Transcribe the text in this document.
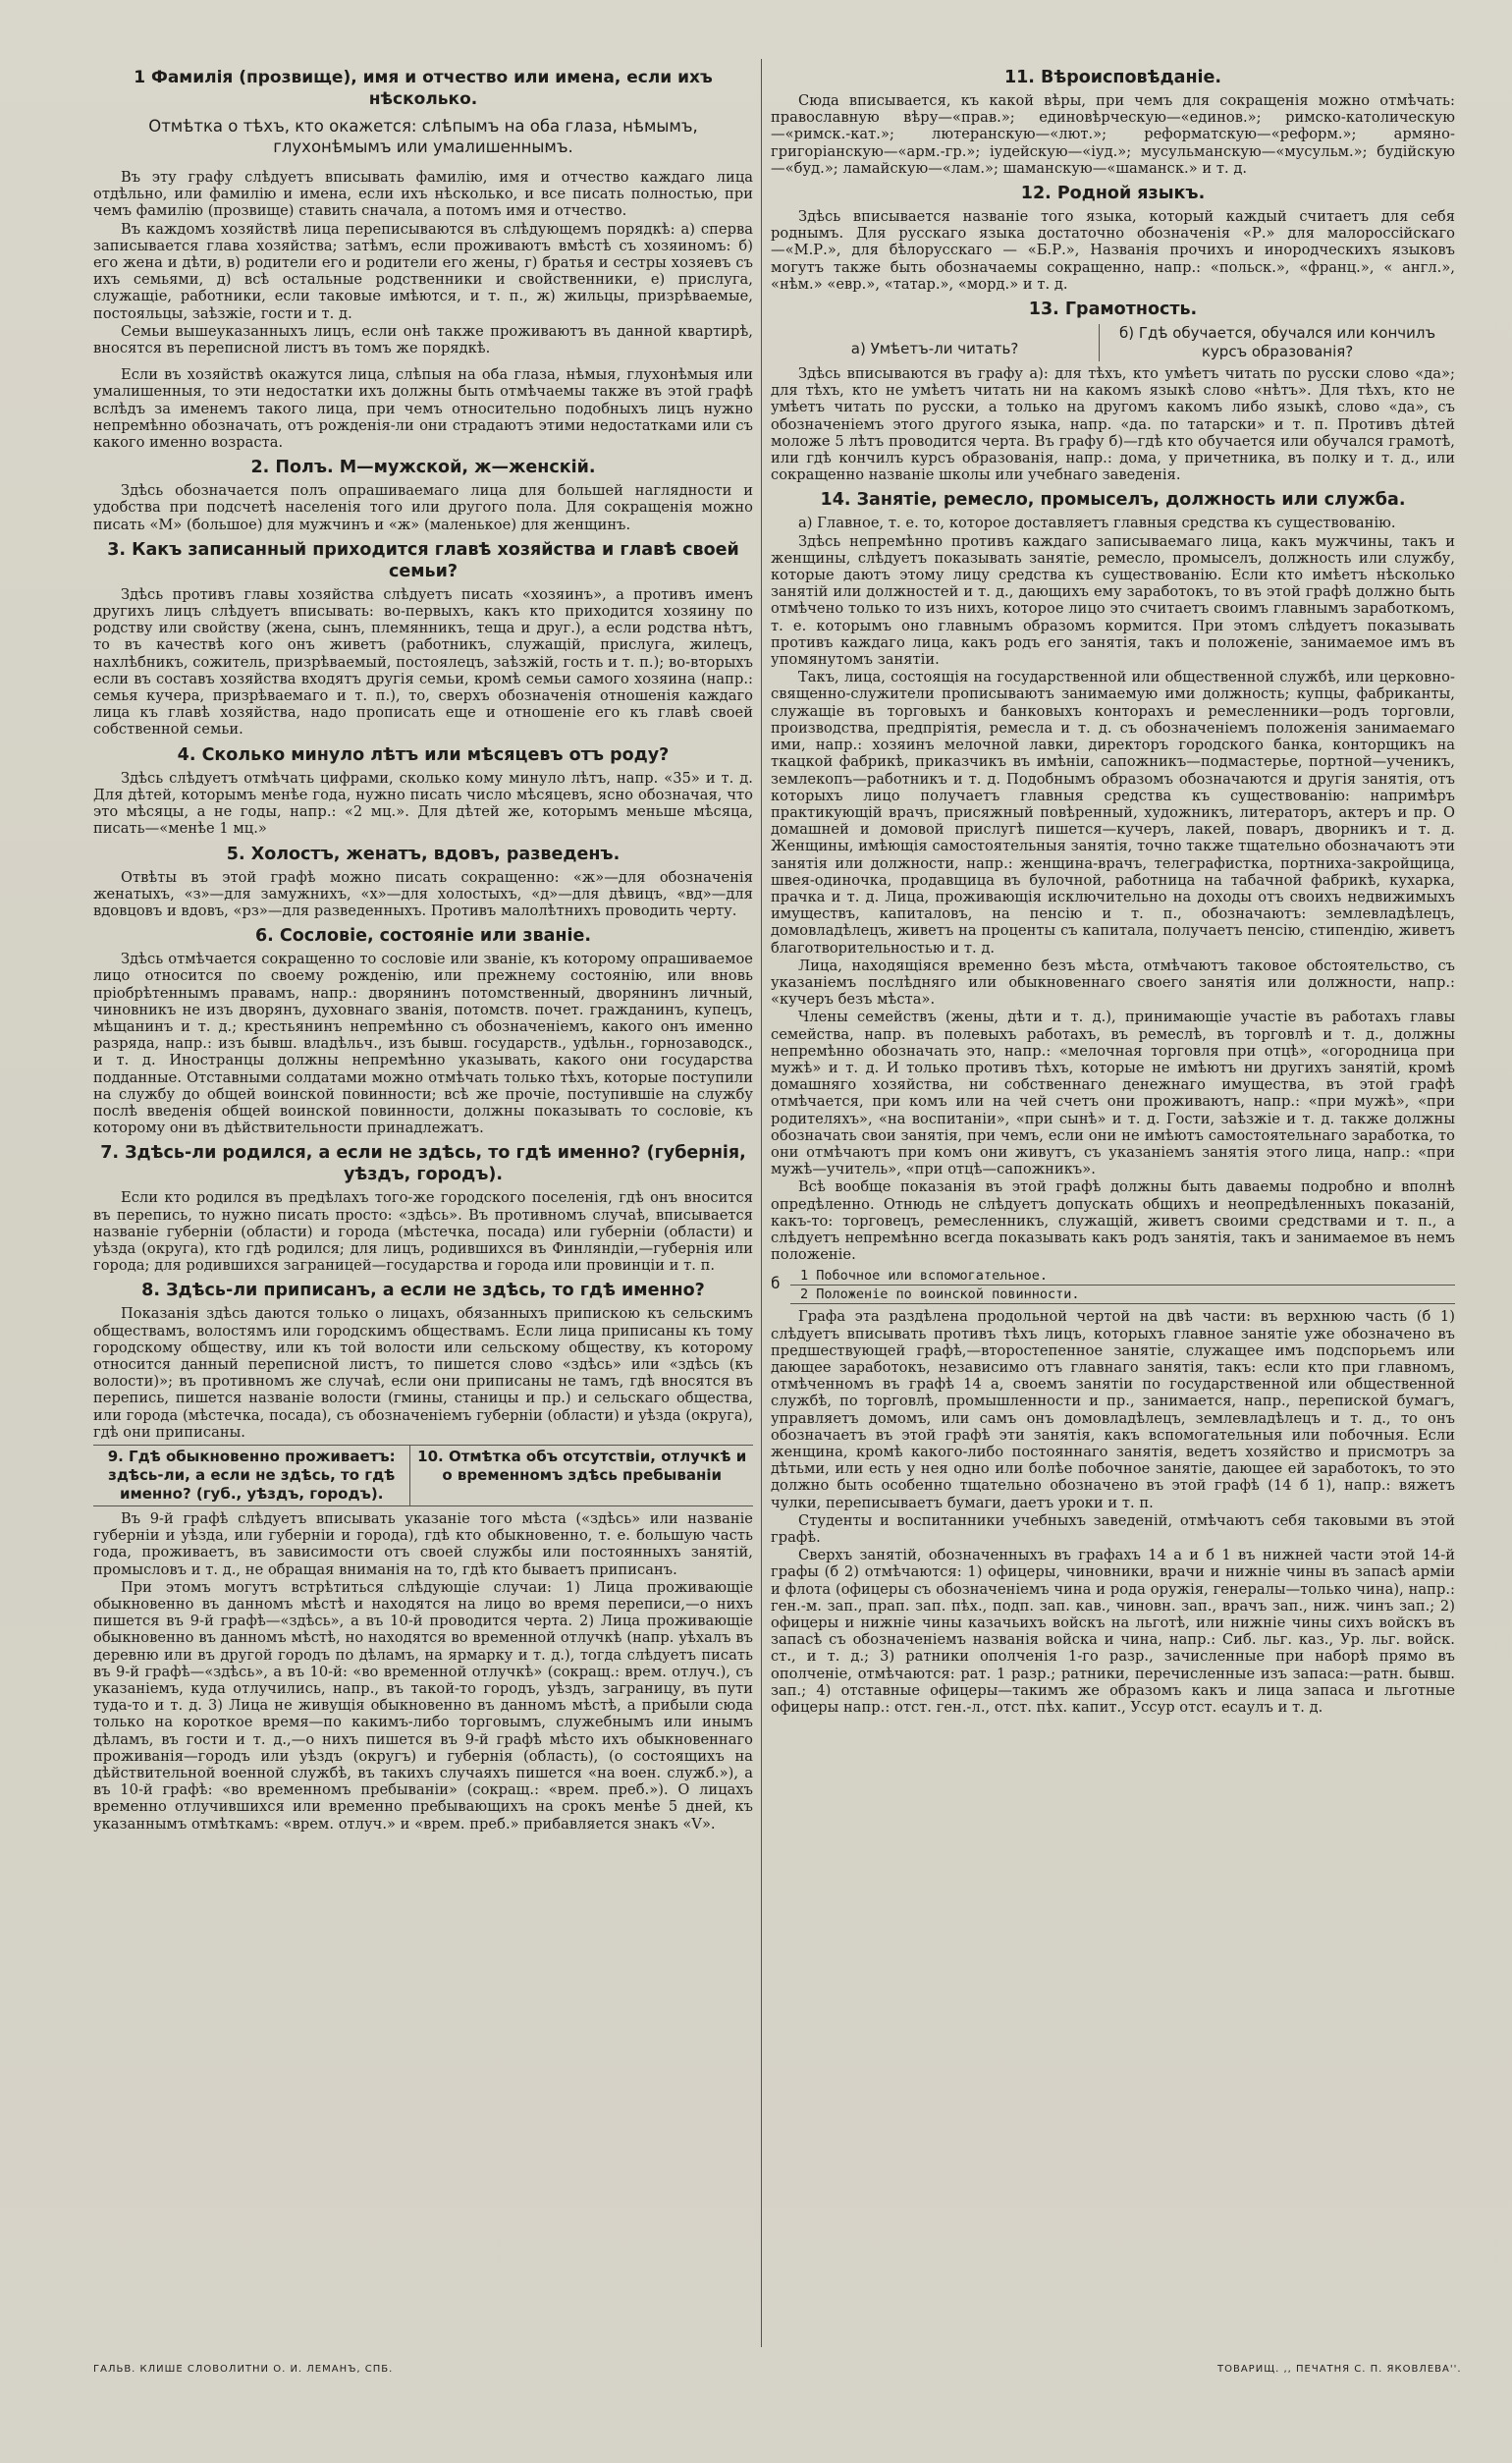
1 Фамилія (прозвище), имя и отчество или имена, если ихъ нѣсколько.
Отмѣтка о тѣхъ, кто окажется: слѣпымъ на оба глаза, нѣмымъ, глухонѣмымъ или умалишеннымъ.

Въ эту графу слѣдуетъ вписывать фамилію, имя и отчество каждаго лица отдѣльно, или фамилію и имена, если ихъ нѣсколько, и все писать полностью, при чемъ фамилію (прозвище) ставить сначала, а потомъ имя и отчество.

Въ каждомъ хозяйствѣ лица переписываются въ слѣдующемъ порядкѣ: а) сперва записывается глава хозяйства; затѣмъ, если проживаютъ вмѣстѣ съ хозяиномъ: б) его жена и дѣти, в) родители его и родители его жены, г) братья и сестры хозяевъ съ ихъ семьями, д) всѣ остальные родственники и свойственники, е) прислуга, служащіе, работники, если таковые имѣются, и т. п., ж) жильцы, призрѣваемые, постояльцы, заѣзжіе, гости и т. д.

Семьи вышеуказанныхъ лицъ, если онѣ также проживаютъ въ данной квартирѣ, вносятся въ переписной листъ въ томъ же порядкѣ.

Если въ хозяйствѣ окажутся лица, слѣпыя на оба глаза, нѣмыя, глухонѣмыя или умалишенныя, то эти недостатки ихъ должны быть отмѣчаемы также въ этой графѣ вслѣдъ за именемъ такого лица, при чемъ относительно подобныхъ лицъ нужно непремѣнно обозначать, отъ рожденія-ли они страдаютъ этими недостатками или съ какого именно возраста.

2. Полъ. М—мужской, ж—женскій.

Здѣсь обозначается полъ опрашиваемаго лица для большей наглядности и удобства при подсчетѣ населенія того или другого пола. Для сокращенія можно писать «М» (большое) для мужчинъ и «ж» (маленькое) для женщинъ.

3. Какъ записанный приходится главѣ хозяйства и главѣ своей семьи?

Здѣсь противъ главы хозяйства слѣдуетъ писать «хозяинъ», а противъ именъ другихъ лицъ слѣдуетъ вписывать: во-первыхъ, какъ кто приходится хозяину по родству или свойству (жена, сынъ, племянникъ, теща и друг.), а если родства нѣтъ, то въ качествѣ кого онъ живетъ (работникъ, служащій, прислуга, жилецъ, нахлѣбникъ, сожитель, призрѣваемый, постоялецъ, заѣзжій, гость и т. п.); во-вторыхъ если въ составъ хозяйства входятъ другія семьи, кромѣ семьи самого хозяина (напр.: семья кучера, призрѣваемаго и т. п.), то, сверхъ обозначенія отношенія каждаго лица къ главѣ хозяйства, надо прописать еще и отношеніе его къ главѣ своей собственной семьи.

4. Сколько минуло лѣтъ или мѣсяцевъ отъ роду?

Здѣсь слѣдуетъ отмѣчать цифрами, сколько кому минуло лѣтъ, напр. «35» и т. д. Для дѣтей, которымъ менѣе года, нужно писать число мѣсяцевъ, ясно обозначая, что это мѣсяцы, а не годы, напр.: «2 мц.». Для дѣтей же, которымъ меньше мѣсяца, писать—«менѣе 1 мц.»

5. Холостъ, женатъ, вдовъ, разведенъ.

Отвѣты въ этой графѣ можно писать сокращенно: «ж»—для обозначенія женатыхъ, «з»—для замужнихъ, «х»—для холостыхъ, «д»—для дѣвицъ, «вд»—для вдовцовъ и вдовъ, «рз»—для разведенныхъ. Противъ малолѣтнихъ проводить черту.

6. Сословіе, состояніе или званіе.

Здѣсь отмѣчается сокращенно то сословіе или званіе, къ которому опрашиваемое лицо относится по своему рожденію, или прежнему состоянію, или вновь пріобрѣтеннымъ правамъ, напр.: дворянинъ потомственный, дворянинъ личный, чиновникъ не изъ дворянъ, духовнаго званія, потомств. почет. гражданинъ, купецъ, мѣщанинъ и т. д.; крестьянинъ непремѣнно съ обозначеніемъ, какого онъ именно разряда, напр.: изъ бывш. владѣльч., изъ бывш. государств., удѣльн., горнозаводск., и т. д. Иностранцы должны непремѣнно указывать, какого они государства подданные. Отставными солдатами можно отмѣчать только тѣхъ, которые поступили на службу до общей воинской повинности; всѣ же прочіе, поступившіе на службу послѣ введенія общей воинской повинности, должны показывать то сословіе, къ которому они въ дѣйствительности принадлежатъ.

7. Здѣсь-ли родился, а если не здѣсь, то гдѣ именно? (губернія, уѣздъ, городъ).

Если кто родился въ предѣлахъ того-же городского поселенія, гдѣ онъ вносится въ перепись, то нужно писать просто: «здѣсь». Въ противномъ случаѣ, вписывается названіе губерніи (области) и города (мѣстечка, посада) или губерніи (области) и уѣзда (округа), кто гдѣ родился; для лицъ, родившихся въ Финляндіи,—губернія или города; для родившихся заграницей—государства и города или провинціи и т. п.

8. Здѣсь-ли приписанъ, а если не здѣсь, то гдѣ именно?

Показанія здѣсь даются только о лицахъ, обязанныхъ припискою къ сельскимъ обществамъ, волостямъ или городскимъ обществамъ. Если лица приписаны къ тому городскому обществу, или къ той волости или сельскому обществу, къ которому относится данный переписной листъ, то пишется слово «здѣсь» или «здѣсь (къ волости)»; въ противномъ же случаѣ, если они приписаны не тамъ, гдѣ вносятся въ перепись, пишется названіе волости (гмины, станицы и пр.) и сельскаго общества, или города (мѣстечка, посада), съ обозначеніемъ губерніи (области) и уѣзда (округа), гдѣ они приписаны.

9. Гдѣ обыкновенно проживаетъ: здѣсь-ли, а если не здѣсь, то гдѣ именно? (губ., уѣздъ, городъ).
10. Отмѣтка объ отсутствіи, отлучкѣ и о временномъ здѣсь пребываніи

Въ 9-й графѣ слѣдуетъ вписывать указаніе того мѣста («здѣсь» или названіе губерніи и уѣзда, или губерніи и города), гдѣ кто обыкновенно, т. е. большую часть года, проживаетъ, въ зависимости отъ своей службы или постоянныхъ занятій, промысловъ и т. д., не обращая вниманія на то, гдѣ кто бываетъ приписанъ.

При этомъ могутъ встрѣтиться слѣдующіе случаи: 1) Лица проживающіе обыкновенно въ данномъ мѣстѣ и находятся на лицо во время переписи,—о нихъ пишется въ 9-й графѣ—«здѣсь», а въ 10-й проводится черта. 2) Лица проживающіе обыкновенно въ данномъ мѣстѣ, но находятся во временной отлучкѣ (напр. уѣхалъ въ деревню или въ другой городъ по дѣламъ, на ярмарку и т. д.), тогда слѣдуетъ писать въ 9-й графѣ—«здѣсь», а въ 10-й: «во временной отлучкѣ» (сокращ.: врем. отлуч.), съ указаніемъ, куда отлучились, напр., въ такой-то городъ, уѣздъ, заграницу, въ пути туда-то и т. д. 3) Лица не живущія обыкновенно въ данномъ мѣстѣ, а прибыли сюда только на короткое время—по какимъ-либо торговымъ, служебнымъ или инымъ дѣламъ, въ гости и т. д.,—о нихъ пишется въ 9-й графѣ мѣсто ихъ обыкновеннаго проживанія—городъ или уѣздъ (округъ) и губернія (область), (о состоящихъ на дѣйствительной военной службѣ, въ такихъ случаяхъ пишется «на воен. служб.»), а въ 10-й графѣ: «во временномъ пребываніи» (сокращ.: «врем. преб.»). О лицахъ временно отлучившихся или временно пребывающихъ на срокъ менѣе 5 дней, къ указаннымъ отмѣткамъ: «врем. отлуч.» и «врем. преб.» прибавляется знакъ «V».

11. Вѣроисповѣданіе.

Сюда вписывается, къ какой вѣры, при чемъ для сокращенія можно отмѣчать: православную вѣру—«прав.»; единовѣрческую—«единов.»; римско-католическую—«римск.-кат.»; лютеранскую—«лют.»; реформатскую—«реформ.»; армяно-григоріанскую—«арм.-гр.»; іудейскую—«іуд.»; мусульманскую—«мусульм.»; будійскую—«буд.»; ламайскую—«лам.»; шаманскую—«шаманск.» и т. д.

12. Родной языкъ.

Здѣсь вписывается названіе того языка, который каждый считаетъ для себя роднымъ. Для русскаго языка достаточно обозначенія «Р.» для малороссійскаго—«М.Р.», для бѣлорусскаго — «Б.Р.», Названія прочихъ и инородческихъ языковъ могутъ также быть обозначаемы сокращенно, напр.: «польск.», «франц.», « англ.», «нѣм.» «евр.», «татар.», «морд.» и т. д.

13. Грамотность.
а) Умѣетъ-ли читать?
б) Гдѣ обучается, обучался или кончилъ курсъ образованія?

Здѣсь вписываются въ графу а): для тѣхъ, кто умѣетъ читать по русски слово «да»; для тѣхъ, кто не умѣетъ читать ни на какомъ языкѣ слово «нѣтъ». Для тѣхъ, кто не умѣетъ читать по русски, а только на другомъ какомъ либо языкѣ, слово «да», съ обозначеніемъ этого другого языка, напр. «да. по татарски» и т. п. Противъ дѣтей моложе 5 лѣтъ проводится черта. Въ графу б)—гдѣ кто обучается или обучался грамотѣ, или гдѣ кончилъ курсъ образованія, напр.: дома, у причетника, въ полку и т. д., или сокращенно названіе школы или учебнаго заведенія.

14. Занятіе, ремесло, промыселъ, должность или служба.

а) Главное, т. е. то, которое доставляетъ главныя средства къ существованію.

Здѣсь непремѣнно противъ каждаго записываемаго лица, какъ мужчины, такъ и женщины, слѣдуетъ показывать занятіе, ремесло, промыселъ, должность или службу, которые даютъ этому лицу средства къ существованію. Если кто имѣетъ нѣсколько занятій или должностей и т. д., дающихъ ему заработокъ, то въ этой графѣ должно быть отмѣчено только то изъ нихъ, которое лицо это считаетъ своимъ главнымъ заработкомъ, т. е. которымъ оно главнымъ образомъ кормится. При этомъ слѣдуетъ показывать противъ каждаго лица, какъ родъ его занятія, такъ и положеніе, занимаемое имъ въ упомянутомъ занятіи.

Такъ, лица, состоящія на государственной или общественной службѣ, или церковно-священно-служители прописываютъ занимаемую ими должность; купцы, фабриканты, служащіе въ торговыхъ и банковыхъ конторахъ и ремесленники—родъ торговли, производства, предпріятія, ремесла и т. д. съ обозначеніемъ положенія занимаемаго ими, напр.: хозяинъ мелочной лавки, директоръ городского банка, конторщикъ на ткацкой фабрикѣ, приказчикъ въ имѣніи, сапожникъ—подмастерье, портной—ученикъ, землекопъ—работникъ и т. д. Подобнымъ образомъ обозначаются и другія занятія, отъ которыхъ лицо получаетъ главныя средства къ существованію: напримѣръ практикующій врачъ, присяжный повѣренный, художникъ, литераторъ, актеръ и пр. О домашней и домовой прислугѣ пишется—кучеръ, лакей, поваръ, дворникъ и т. д. Женщины, имѣющія самостоятельныя занятія, точно также тщательно обозначаютъ эти занятія или должности, напр.: женщина-врачъ, телеграфистка, портниха-закройщица, швея-одиночка, продавщица въ булочной, работница на табачной фабрикѣ, кухарка, прачка и т. д. Лица, проживающія исключительно на доходы отъ своихъ недвижимыхъ имуществъ, капиталовъ, на пенсію и т. п., обозначаютъ: землевладѣлецъ, домовладѣлецъ, живетъ на проценты съ капитала, получаетъ пенсію, стипендію, живетъ благотворительностью и т. д.

Лица, находящіяся временно безъ мѣста, отмѣчаютъ таковое обстоятельство, съ указаніемъ послѣдняго или обыкновеннаго своего занятія или должности, напр.: «кучеръ безъ мѣста».

Члены семействъ (жены, дѣти и т. д.), принимающіе участіе въ работахъ главы семейства, напр. въ полевыхъ работахъ, въ ремеслѣ, въ торговлѣ и т. д., должны непремѣнно обозначать это, напр.: «мелочная торговля при отцѣ», «огородница при мужѣ» и т. д. И только противъ тѣхъ, которые не имѣютъ ни другихъ занятій, кромѣ домашняго хозяйства, ни собственнаго денежнаго имущества, въ этой графѣ отмѣчается, при комъ или на чей счетъ они проживаютъ, напр.: «при мужѣ», «при родителяхъ», «на воспитаніи», «при сынѣ» и т. д. Гости, заѣзжіе и т. д. также должны обозначать свои занятія, при чемъ, если они не имѣютъ самостоятельнаго заработка, то они отмѣчаютъ при комъ они живутъ, съ указаніемъ занятія этого лица, напр.: «при мужѣ—учитель», «при отцѣ—сапожникъ».

Всѣ вообще показанія въ этой графѣ должны быть даваемы подробно и вполнѣ опредѣленно. Отнюдь не слѣдуетъ допускать общихъ и неопредѣленныхъ показаній, какъ-то: торговецъ, ремесленникъ, служащій, живетъ своими средствами и т. п., а слѣдуетъ непремѣнно всегда показывать какъ родъ занятія, такъ и занимаемое въ немъ положеніе.

б	1 Побочное или вспомогательное.
2 Положеніе по воинской повинности.

Графа эта раздѣлена продольной чертой на двѣ части: въ верхнюю часть (б 1) слѣдуетъ вписывать противъ тѣхъ лицъ, которыхъ главное занятіе уже обозначено въ предшествующей графѣ,—второстепенное занятіе, служащее имъ подспорьемъ или дающее заработокъ, независимо отъ главнаго занятія, такъ: если кто при главномъ, отмѣченномъ въ графѣ 14 а, своемъ занятіи по государственной или общественной службѣ, по торговлѣ, промышленности и пр., занимается, напр., перепиской бумагъ, управляетъ домомъ, или самъ онъ домовладѣлецъ, землевладѣлецъ и т. д., то онъ обозначаетъ въ этой графѣ эти занятія, какъ вспомогательныя или побочныя. Если женщина, кромѣ какого-либо постояннаго занятія, ведетъ хозяйство и присмотръ за дѣтьми, или есть у нея одно или болѣе побочное занятіе, дающее ей заработокъ, то это должно быть особенно тщательно обозначено въ этой графѣ (14 б 1), напр.: вяжетъ чулки, переписываетъ бумаги, даетъ уроки и т. п.

Студенты и воспитанники учебныхъ заведеній, отмѣчаютъ себя таковыми въ этой графѣ.

Сверхъ занятій, обозначенныхъ въ графахъ 14 а и б 1 въ нижней части этой 14-й графы (б 2) отмѣчаются: 1) офицеры, чиновники, врачи и нижніе чины въ запасѣ арміи и флота (офицеры съ обозначеніемъ чина и рода оружія, генералы—только чина), напр.: ген.-м. зап., прап. зап. пѣх., подп. зап. кав., чиновн. зап., врачъ зап., ниж. чинъ зап.; 2) офицеры и нижніе чины казачьихъ войскъ на льготѣ, или нижніе чины сихъ войскъ въ запасѣ съ обозначеніемъ названія войска и чина, напр.: Сиб. льг. каз., Ур. льг. войск. ст., и т. д.; 3) ратники ополченія 1-го разр., зачисленные при наборѣ прямо въ ополченіе, отмѣчаются: рат. 1 разр.; ратники, перечисленные изъ запаса:—ратн. бывш. зап.; 4) отставные офицеры—такимъ же образомъ какъ и лица запаса и льготные офицеры напр.: отст. ген.-л., отст. пѣх. капит., Уссур отст. есаулъ и т. д.

ГАЛЬВ. КЛИШЕ СЛОВОЛИТНИ О. И. ЛЕМАНЪ, СПБ.	ТОВАРИЩ. ,, ПЕЧАТНЯ С. П. ЯКОВЛЕВА''.
